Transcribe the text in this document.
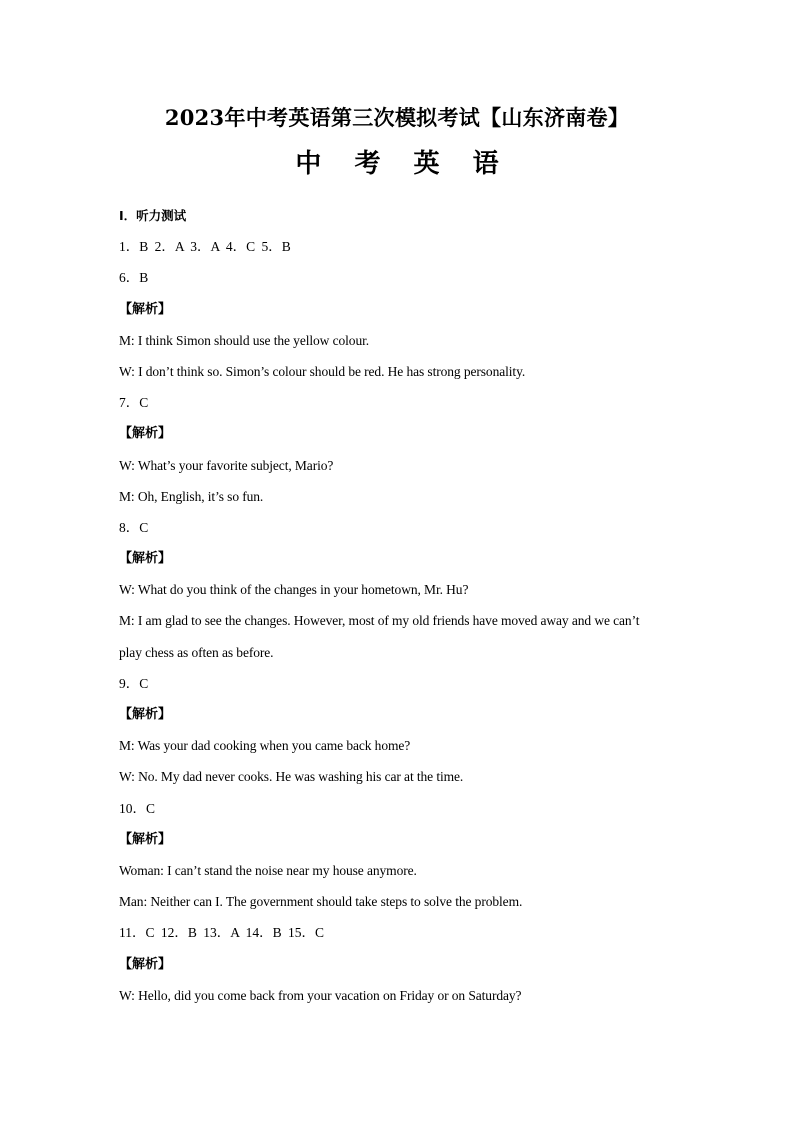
2023年中考英语第三次模拟考试【山东济南卷】
中 考 英 语
Ⅰ．听力测试
1．B 2．A 3．A 4．C 5．B
6．B
【解析】
M: I think Simon should use the yellow colour.
W: I don’t think so. Simon’s colour should be red. He has strong personality.
7．C
【解析】
W: What’s your favorite subject, Mario?
M: Oh, English, it’s so fun.
8．C
【解析】
W: What do you think of the changes in your hometown, Mr. Hu?
M: I am glad to see the changes. However, most of my old friends have moved away and we can’t
play chess as often as before.
9．C
【解析】
M: Was your dad cooking when you came back home?
W: No. My dad never cooks. He was washing his car at the time.
10．C
【解析】
Woman: I can’t stand the noise near my house anymore.
Man: Neither can I. The government should take steps to solve the problem.
11．C 12．B 13．A 14．B 15．C
【解析】
W: Hello, did you come back from your vacation on Friday or on Saturday?
